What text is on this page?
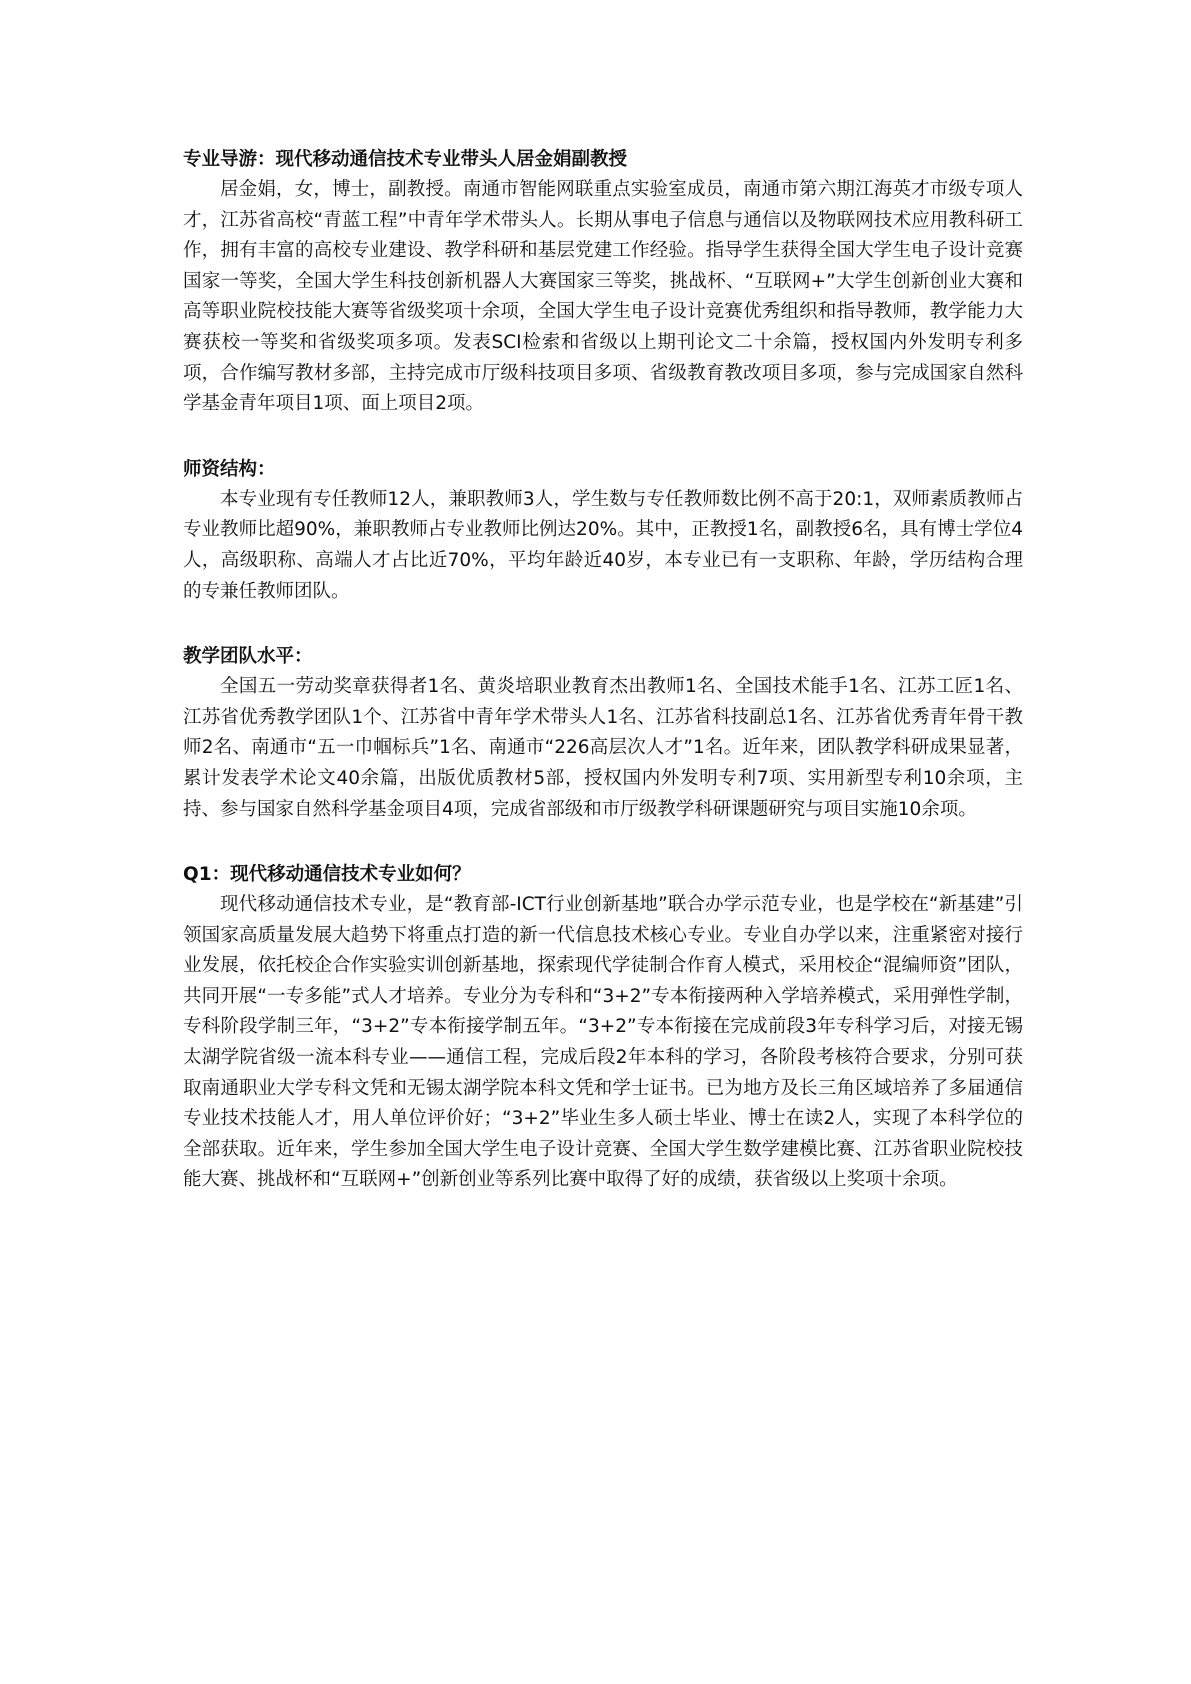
专业导游：现代移动通信技术专业带头人居金娟副教授

居金娟，女，博士，副教授。南通市智能网联重点实验室成员，南通市第六期江海英才市级专项人才，江苏省高校“青蓝工程”中青年学术带头人。长期从事电子信息与通信以及物联网技术应用教科研工作，拥有丰富的高校专业建设、教学科研和基层党建工作经验。指导学生获得全国大学生电子设计竞赛国家一等奖，全国大学生科技创新机器人大赛国家三等奖，挑战杯、“互联网+”大学生创新创业大赛和高等职业院校技能大赛等省级奖项十余项，全国大学生电子设计竞赛优秀组织和指导教师，教学能力大赛获校一等奖和省级奖项多项。发表SCI检索和省级以上期刊论文二十余篇，授权国内外发明专利多项，合作编写教材多部，主持完成市厅级科技项目多项、省级教育教改项目多项，参与完成国家自然科学基金青年项目1项、面上项目2项。

师资结构：

本专业现有专任教师12人，兼职教师3人，学生数与专任教师数比例不高于20:1，双师素质教师占专业教师比超90%，兼职教师占专业教师比例达20%。其中，正教授1名，副教授6名，具有博士学位4人，高级职称、高端人才占比近70%，平均年龄近40岁，本专业已有一支职称、年龄，学历结构合理的专兼任教师团队。

教学团队水平：

全国五一劳动奖章获得者1名、黄炎培职业教育杰出教师1名、全国技术能手1名、江苏工匠1名、江苏省优秀教学团队1个、江苏省中青年学术带头人1名、江苏省科技副总1名、江苏省优秀青年骨干教师2名、南通市“五一巾帼标兵”1名、南通市“226高层次人才”1名。近年来，团队教学科研成果显著，累计发表学术论文40余篇，出版优质教材5部，授权国内外发明专利7项、实用新型专利10余项，主持、参与国家自然科学基金项目4项，完成省部级和市厅级教学科研课题研究与项目实施10余项。

Q1：现代移动通信技术专业如何？

现代移动通信技术专业，是“教育部-ICT行业创新基地”联合办学示范专业，也是学校在“新基建”引领国家高质量发展大趋势下将重点打造的新一代信息技术核心专业。专业自办学以来，注重紧密对接行业发展，依托校企合作实验实训创新基地，探索现代学徒制合作育人模式，采用校企“混编师资”团队，共同开展“一专多能”式人才培养。专业分为专科和“3+2”专本衔接两种入学培养模式，采用弹性学制，专科阶段学制三年，“3+2”专本衔接学制五年。“3+2”专本衔接在完成前段3年专科学习后，对接无锡太湖学院省级一流本科专业——通信工程，完成后段2年本科的学习，各阶段考核符合要求，分别可获取南通职业大学专科文凭和无锡太湖学院本科文凭和学士证书。已为地方及长三角区域培养了多届通信专业技术技能人才，用人单位评价好；“3+2”毕业生多人硕士毕业、博士在读2人，实现了本科学位的全部获取。近年来，学生参加全国大学生电子设计竞赛、全国大学生数学建模比赛、江苏省职业院校技能大赛、挑战杯和“互联网+”创新创业等系列比赛中取得了好的成绩，获省级以上奖项十余项。
